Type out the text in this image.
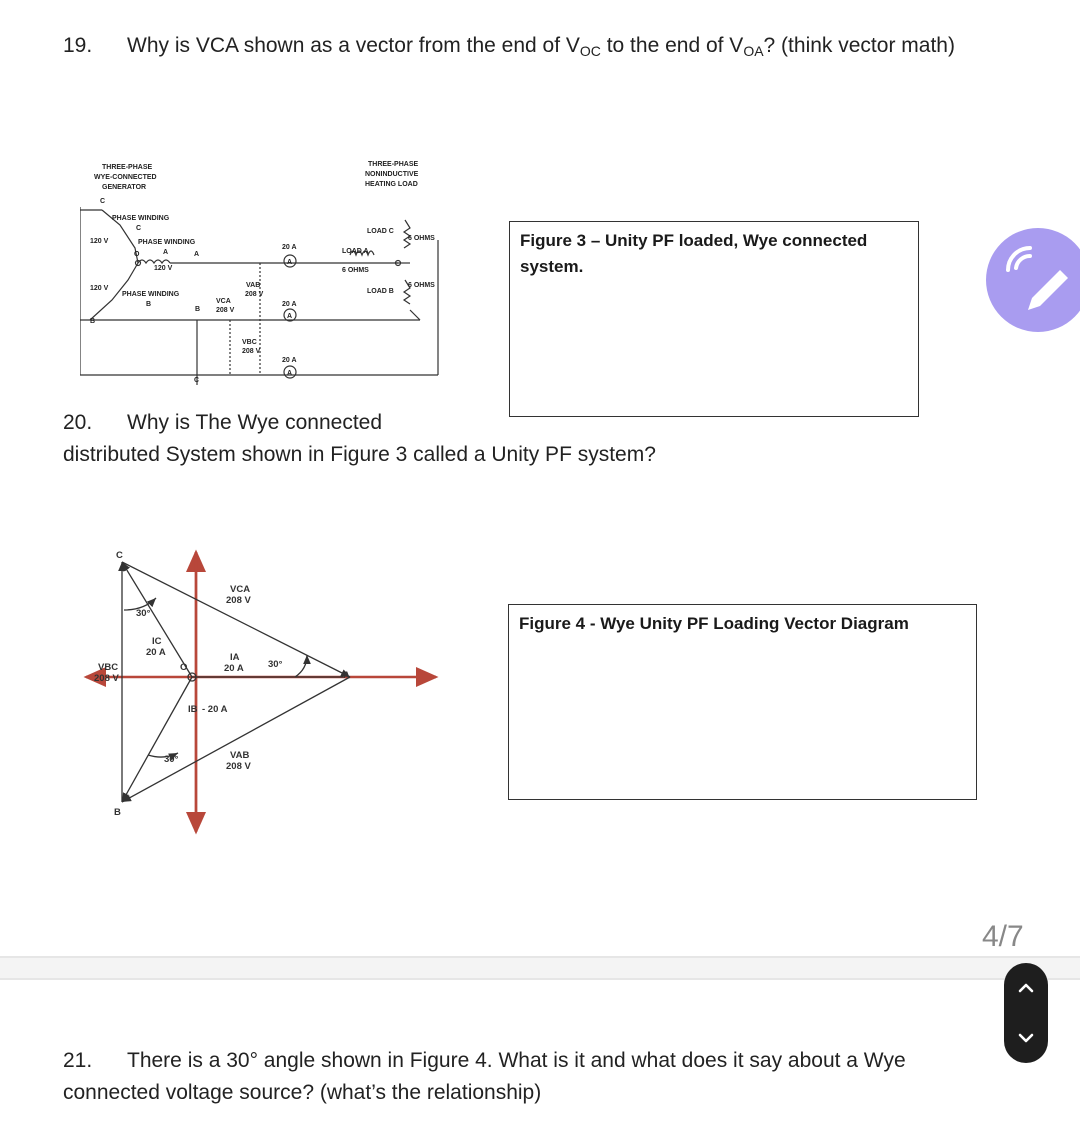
19. Why is VCA shown as a vector from the end of $V_{OC}$ to the end of $V_{OA}$? (think vector math)
THREE-PHASE
WYE-CONNECTED
GENERATOR
THREE-PHASE
NONINDUCTIVE
HEATING LOAD
C
PHASE WINDING
C
120 V	PHASE WINDING
A
O	A
120 V
120 V
PHASE WINDING
B
B
B
C
VAB
208 V
VCA
208 V
VBC
208 V
20 A
20 A
20 A
A
A
A
LOAD C
LOAD A
6 OHMS
6 OHMS
LOAD B
6 OHMS
Figure 3 – Unity PF loaded, Wye connected system.
20. Why is The Wye connected
distributed System shown in Figure 3 called a Unity PF system?
C
B
A
O
30°
30°
30°
VCA
208 V
VAB
208 V
VBC
208 V
IC
20 A	IA
20 A
IB - 20 A
Figure 4 - Wye Unity PF Loading Vector Diagram
4/7
21. There is a 30° angle shown in Figure 4. What is it and what does it say about a Wye
connected voltage source? (what’s the relationship)
